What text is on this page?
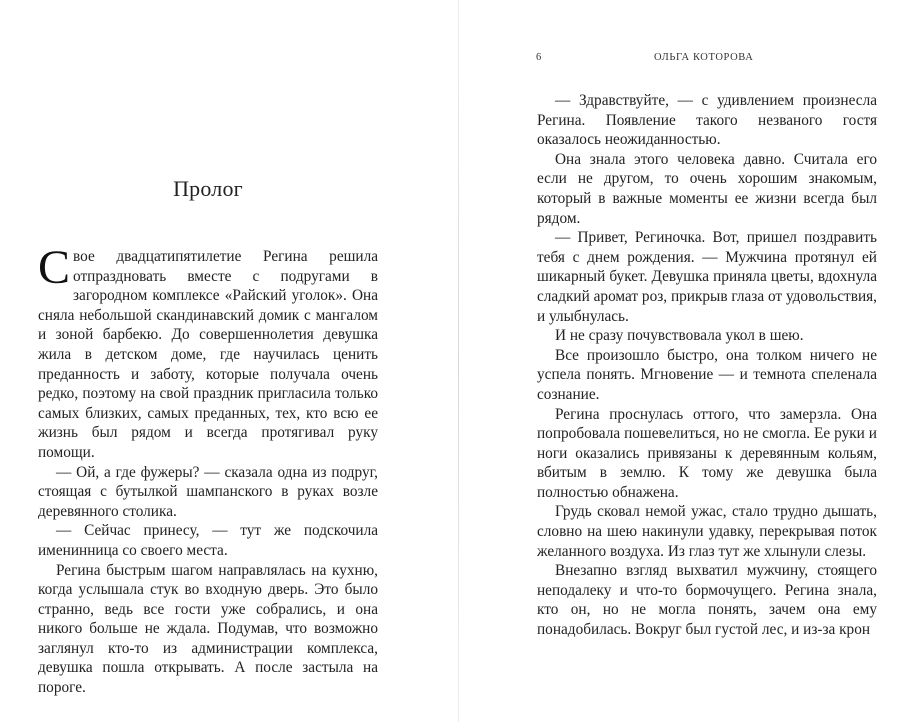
Пролог

Свое двадцатипятилетие Регина решила отпраздновать вместе с подругами в загородном комплексе «Райский уголок». Она сняла небольшой скандинавский домик с мангалом и зоной барбекю. До совершеннолетия девушка жила в детском доме, где научилась ценить преданность и заботу, которые получала очень редко, поэтому на свой праздник пригласила только самых близких, самых преданных, тех, кто всю ее жизнь был рядом и всегда протягивал руку помощи.

— Ой, а где фужеры? — сказала одна из подруг, стоящая с бутылкой шампанского в руках возле деревянного столика.

— Сейчас принесу, — тут же подскочила именинница со своего места.

Регина быстрым шагом направлялась на кухню, когда услышала стук во входную дверь. Это было странно, ведь все гости уже собрались, и она никого больше не ждала. Подумав, что возможно заглянул кто-то из администрации комплекса, девушка пошла открывать. А после застыла на пороге.

6	ОЛЬГА КОТОРОВА

— Здравствуйте, — с удивлением произнесла Регина. Появление такого незваного гостя оказалось неожиданностью.

Она знала этого человека давно. Считала его если не другом, то очень хорошим знакомым, который в важные моменты ее жизни всегда был рядом.

— Привет, Региночка. Вот, пришел поздравить тебя с днем рождения. — Мужчина протянул ей шикарный букет. Девушка приняла цветы, вдохнула сладкий аромат роз, прикрыв глаза от удовольствия, и улыбнулась.

И не сразу почувствовала укол в шею.

Все произошло быстро, она толком ничего не успела понять. Мгновение — и темнота спеленала сознание.

Регина проснулась оттого, что замерзла. Она попробовала пошевелиться, но не смогла. Ее руки и ноги оказались привязаны к деревянным кольям, вбитым в землю. К тому же девушка была полностью обнажена.

Грудь сковал немой ужас, стало трудно дышать, словно на шею накинули удавку, перекрывая поток желанного воздуха. Из глаз тут же хлынули слезы.

Внезапно взгляд выхватил мужчину, стоящего неподалеку и что-то бормочущего. Регина знала, кто он, но не могла понять, зачем она ему понадобилась. Вокруг был густой лес, и из-за крон
